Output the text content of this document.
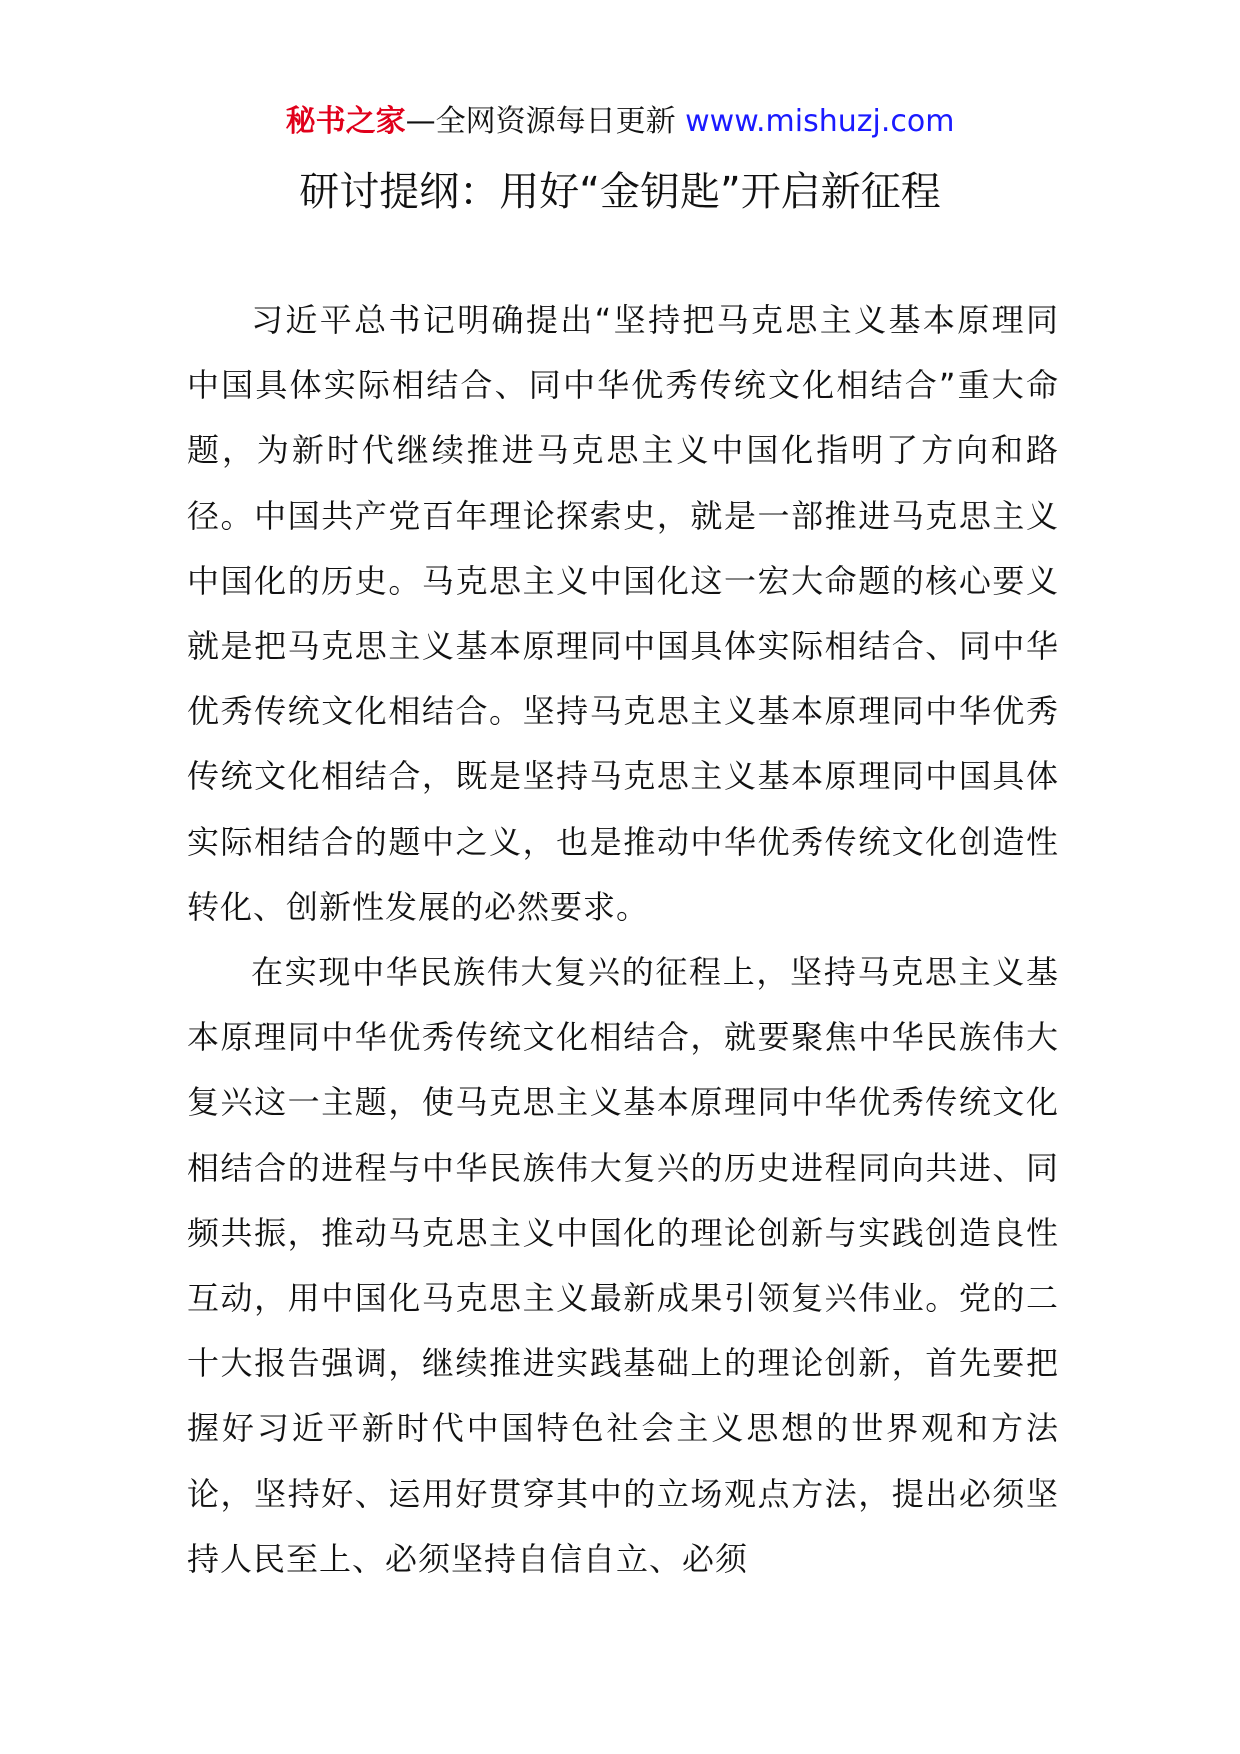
秘书之家—全网资源每日更新 www.mishuzj.com
研讨提纲：用好“金钥匙”开启新征程

习近平总书记明确提出“坚持把马克思主义基本原理同中国具体实际相结合、同中华优秀传统文化相结合”重大命题，为新时代继续推进马克思主义中国化指明了方向和路径。中国共产党百年理论探索史，就是一部推进马克思主义中国化的历史。马克思主义中国化这一宏大命题的核心要义就是把马克思主义基本原理同中国具体实际相结合、同中华优秀传统文化相结合。坚持马克思主义基本原理同中华优秀传统文化相结合，既是坚持马克思主义基本原理同中国具体实际相结合的题中之义，也是推动中华优秀传统文化创造性转化、创新性发展的必然要求。

在实现中华民族伟大复兴的征程上，坚持马克思主义基本原理同中华优秀传统文化相结合，就要聚焦中华民族伟大复兴这一主题，使马克思主义基本原理同中华优秀传统文化相结合的进程与中华民族伟大复兴的历史进程同向共进、同频共振，推动马克思主义中国化的理论创新与实践创造良性互动，用中国化马克思主义最新成果引领复兴伟业。党的二十大报告强调，继续推进实践基础上的理论创新，首先要把握好习近平新时代中国特色社会主义思想的世界观和方法论，坚持好、运用好贯穿其中的立场观点方法，提出必须坚持人民至上、必须坚持自信自立、必须
